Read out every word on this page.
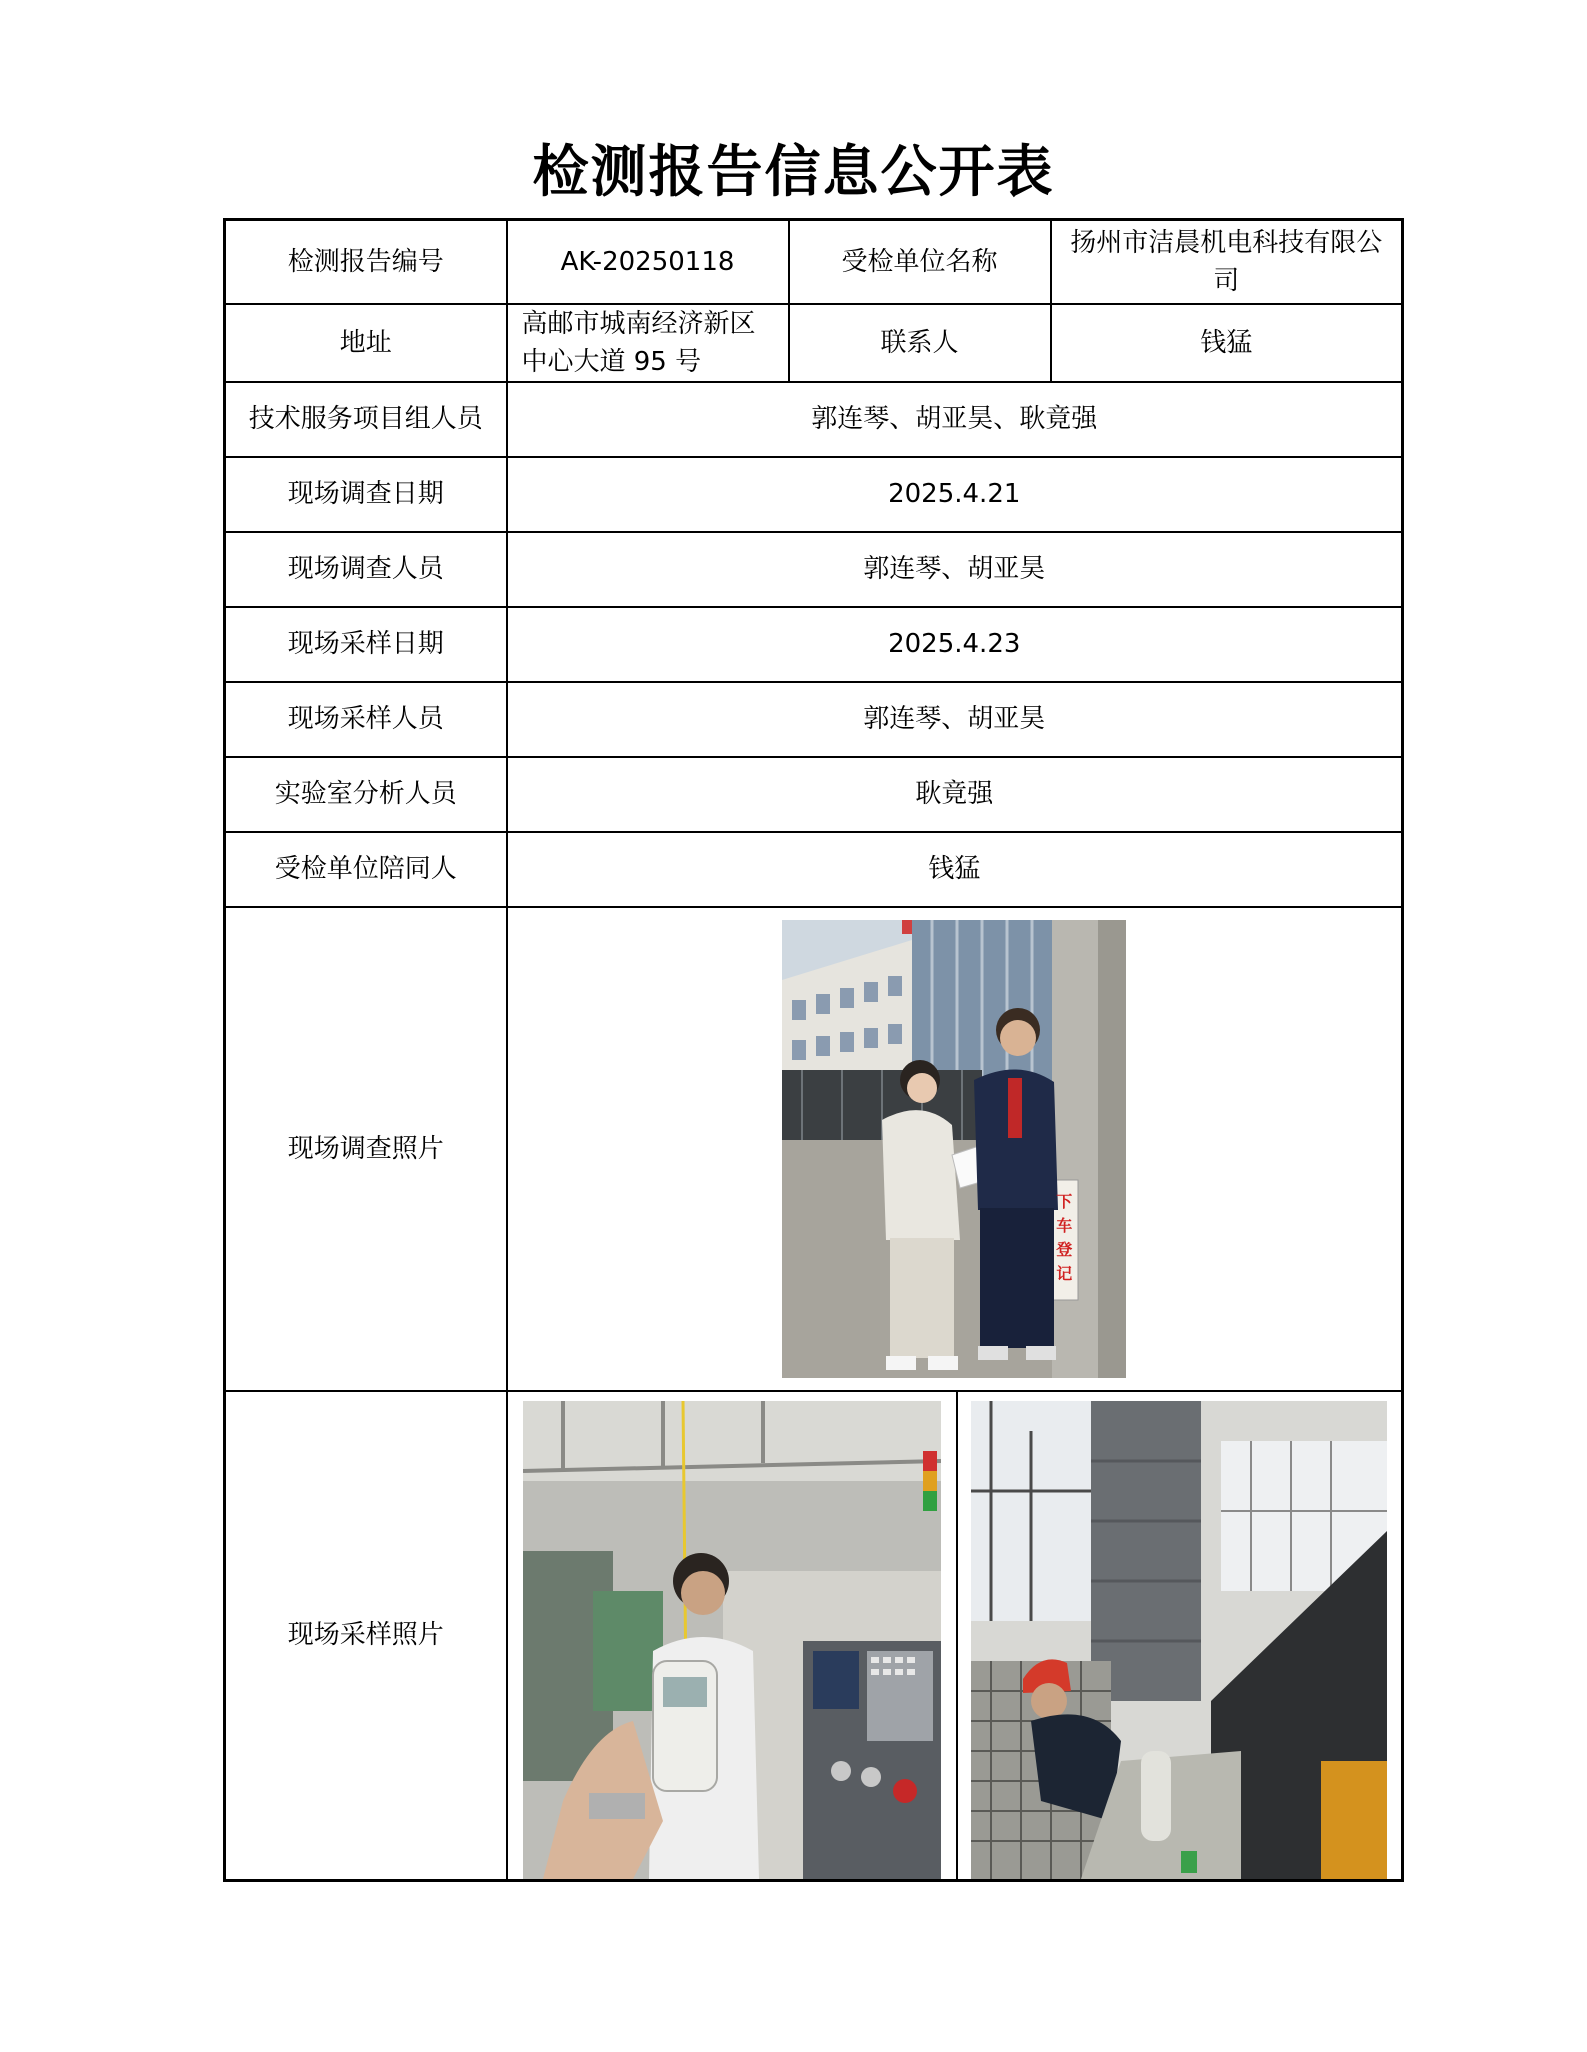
检测报告信息公开表
检测报告编号	AK-20250118	受检单位名称	扬州市洁晨机电科技有限公司
地址	高邮市城南经济新区中心大道 95 号	联系人	钱猛
技术服务项目组人员	郭连琴、胡亚昊、耿竟强		
现场调查日期	2025.4.21		
现场调查人员	郭连琴、胡亚昊		
现场采样日期	2025.4.23		
现场采样人员	郭连琴、胡亚昊		
实验室分析人员	耿竟强		
受检单位陪同人	钱猛		
现场调查照片	下车登记		

现场采样照片	
